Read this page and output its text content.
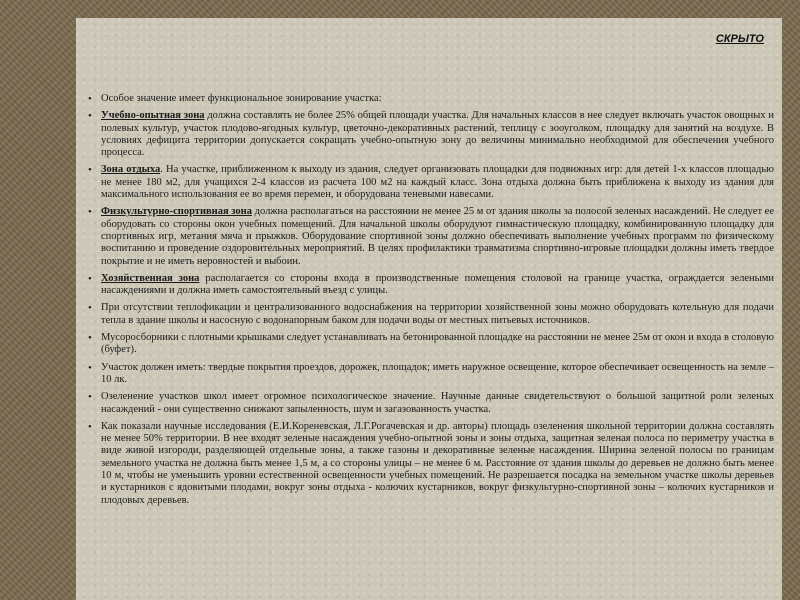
СКРЫТО
• Особое значение имеет функциональное зонирование участка:
• Учебно-опытная зона должна составлять не более 25% общей площади участка. Для начальных классов в нее следует включать участок овощных и полевых культур, участок плодово-ягодных культур, цветочно-декоративных растений, теплицу с зооуголком, площадку для занятий на воздухе. В условиях дефицита территории допускается сокращать учебно-опытную зону до величины минимально необходимой для обеспечения учебного процесса.
• Зона отдыха. На участке, приближенном к выходу из здания, следует организовать площадки для подвижных игр: для детей 1-х классов площадью не менее 180 м2, для учащихся 2-4 классов из расчета 100 м2 на каждый класс. Зона отдыха должна быть приближена к выходу из здания для максимального использования ее во время перемен, и оборудована теневыми навесами.
• Физкультурно-спортивная зона должна располагаться на расстоянии не менее 25 м от здания школы за полосой зеленых насаждений. Не следует ее оборудовать со стороны окон учебных помещений. Для начальной школы оборудуют гимнастическую площадку, комбинированную площадку для спортивных игр, метания мяча и прыжков. Оборудование спортивной зоны должно обеспечивать выполнение учебных программ по физическому воспитанию и проведение оздоровительных мероприятий. В целях профилактики травматизма спортивно-игровые площадки должны иметь твердое покрытие и не иметь неровностей и выбоин.
• Хозяйственная зона располагается со стороны входа в производственные помещения столовой на границе участка, ограждается зелеными насаждениями и должна иметь самостоятельный въезд с улицы.
• При отсутствии теплофикации и централизованного водоснабжения на территории хозяйственной зоны можно оборудовать котельную для подачи тепла в здание школы и насосную с водонапорным баком для подачи воды от местных питьевых источников.
• Мусоросборники с плотными крышками следует устанавливать на бетонированной площадке на расстоянии не менее 25м от окон и входа в столовую (буфет).
• Участок должен иметь: твердые покрытия проездов, дорожек, площадок; иметь наружное освещение, которое обеспечивает освещенность на земле – 10 лк.
• Озеленение участков школ имеет огромное психологическое значение. Научные данные свидетельствуют о большой защитной роли зеленых насаждений - они существенно снижают запыленность, шум и загазованность участка.
• Как показали научные исследования (Е.И.Кореневская, Л.Г.Рогачевская и др. авторы) площадь озеленения школьной территории должна составлять не менее 50% территории. В нее входят зеленые насаждения учебно-опытной зоны и зоны отдыха, защитная зеленая полоса по периметру участка в виде живой изгороди, разделяющей отдельные зоны, а также газоны и декоративные зеленые насаждения. Ширина зеленой полосы по границам земельного участка не должна быть менее 1,5 м, а со стороны улицы – не менее 6 м. Расстояние от здания школы до деревьев не должно быть менее 10 м, чтобы не уменьшить уровни естественной освещенности учебных помещений. Не разрешается посадка на земельном участке школы деревьев и кустарников с ядовитыми плодами, вокруг зоны отдыха - колючих кустарников, вокруг физкультурно-спортивной зоны – колючих кустарников и плодовых деревьев.
